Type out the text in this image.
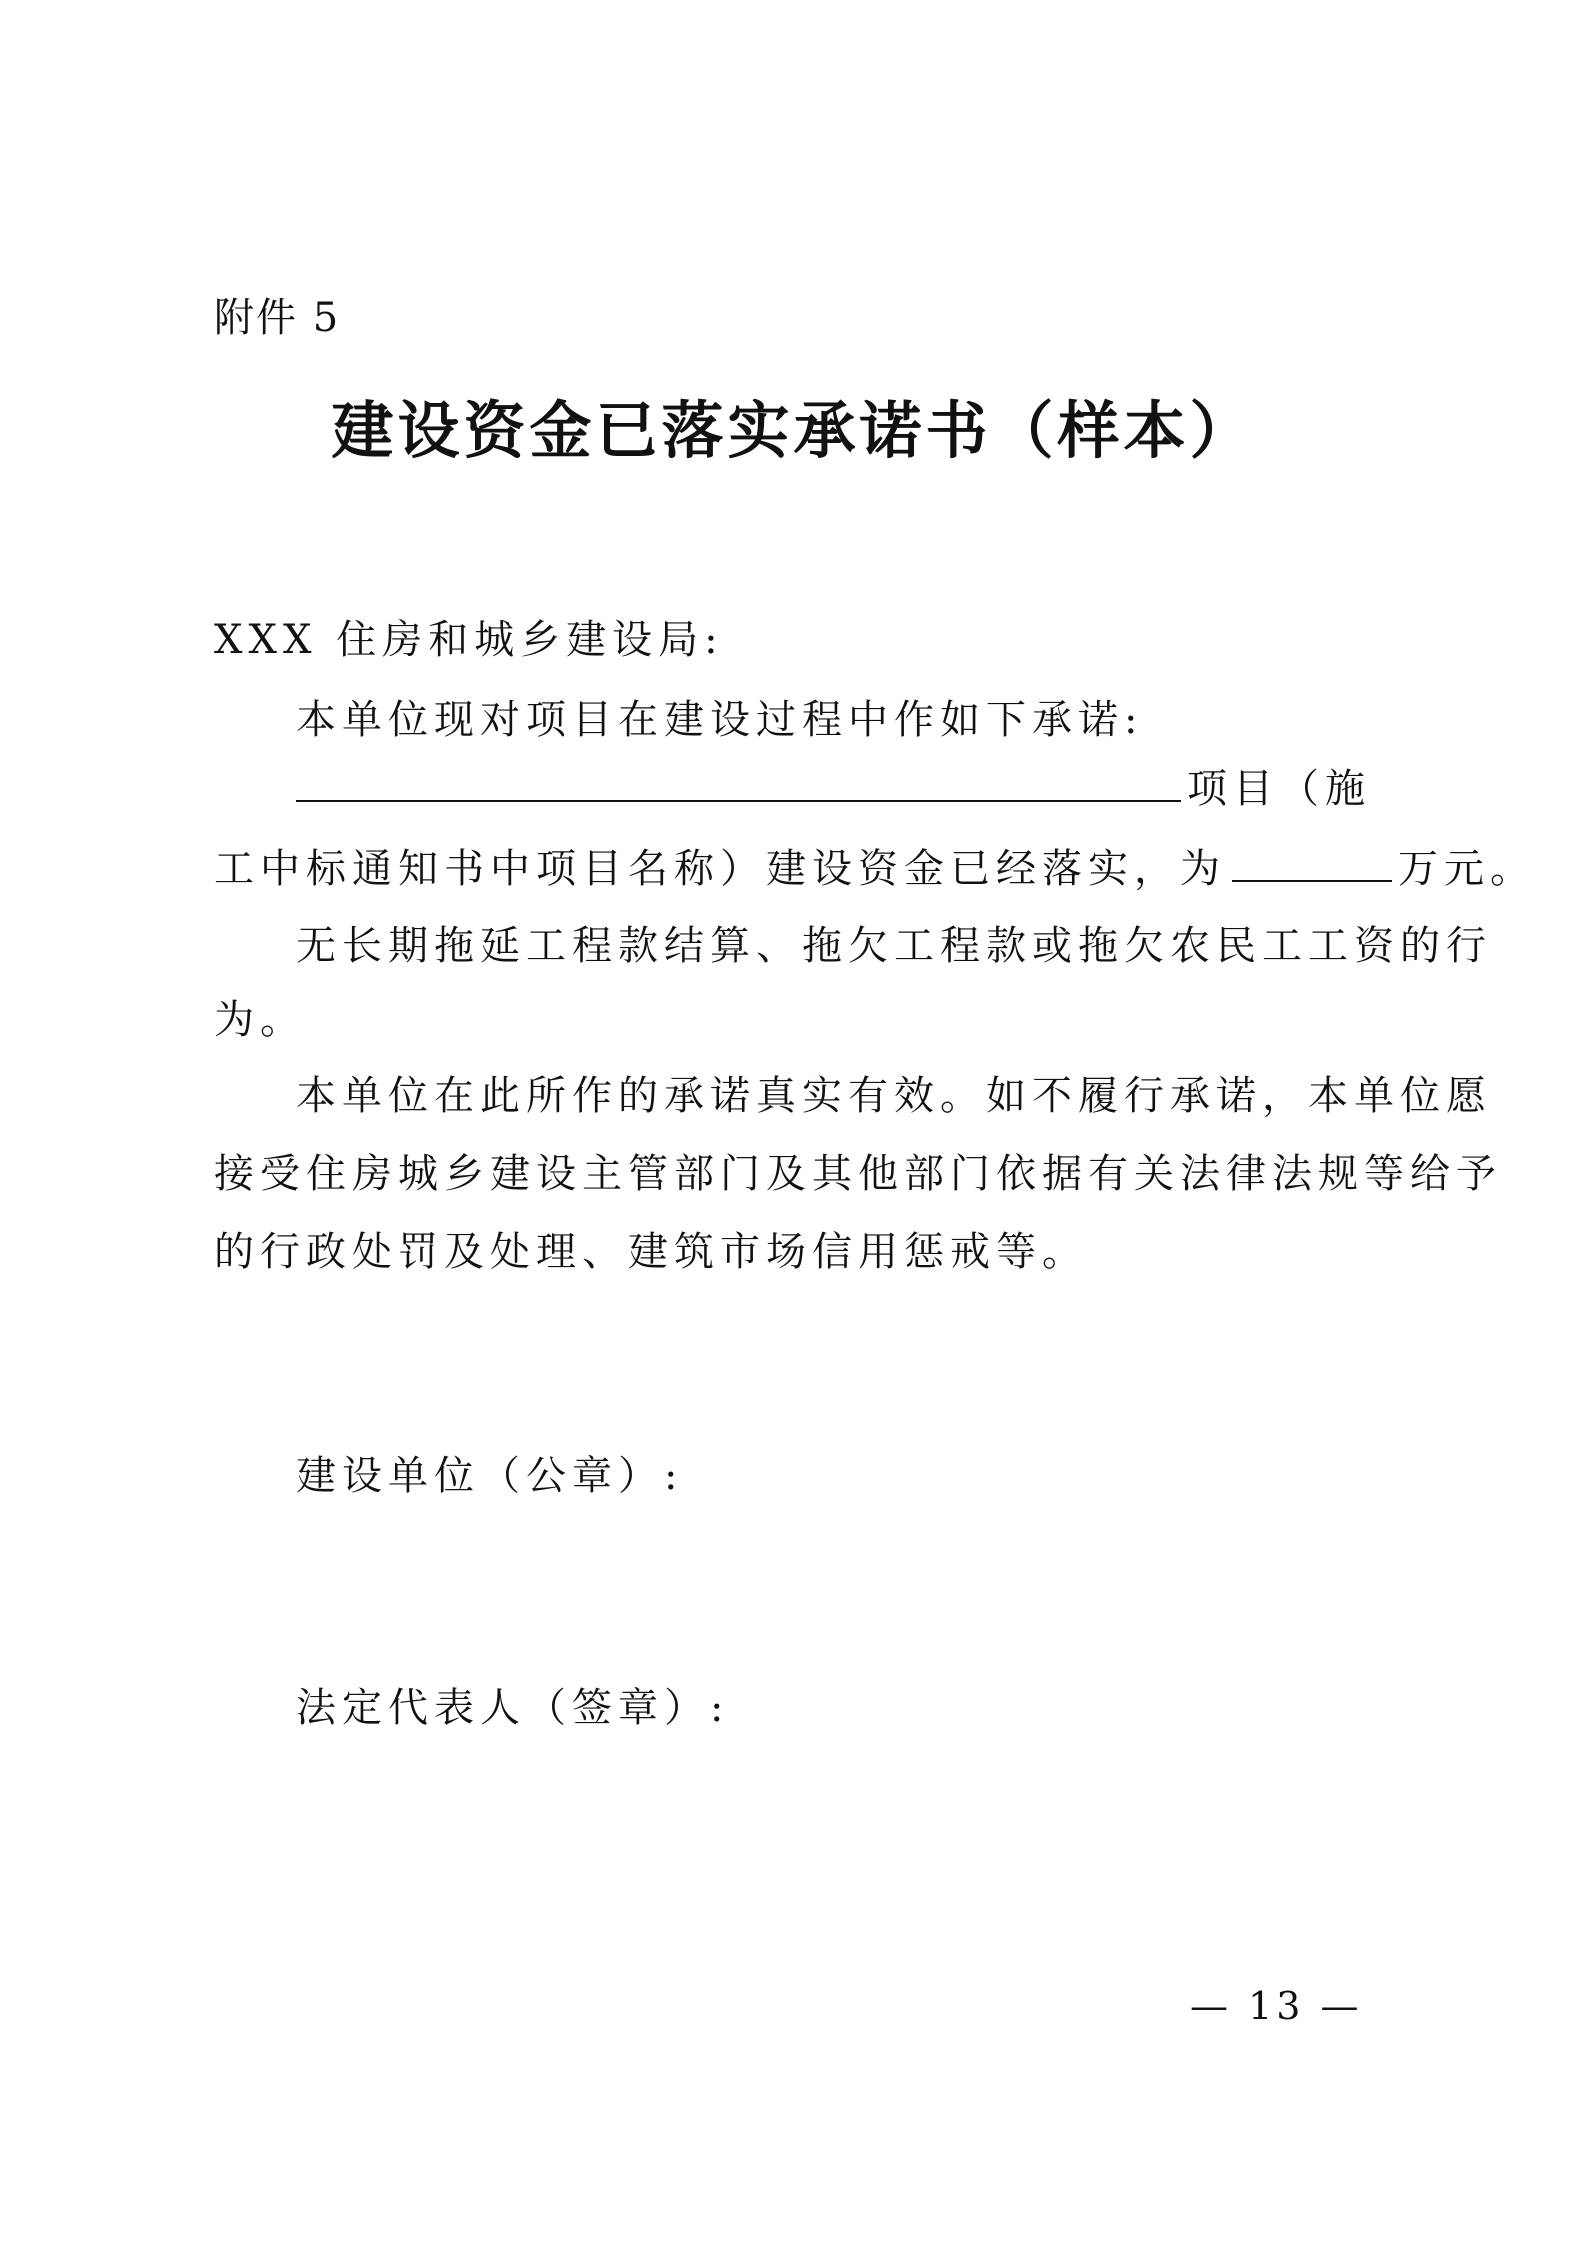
附件 5
建设资金已落实承诺书（样本）
XXX 住房和城乡建设局:
本单位现对项目在建设过程中作如下承诺:
项目（施
工中标通知书中项目名称）建设资金已经落实，为	万元。
无长期拖延工程款结算、拖欠工程款或拖欠农民工工资的行
为。
本单位在此所作的承诺真实有效。如不履行承诺，本单位愿
接受住房城乡建设主管部门及其他部门依据有关法律法规等给予
的行政处罚及处理、建筑市场信用惩戒等。
建设单位（公章）:
法定代表人（签章）:
— 13 —
